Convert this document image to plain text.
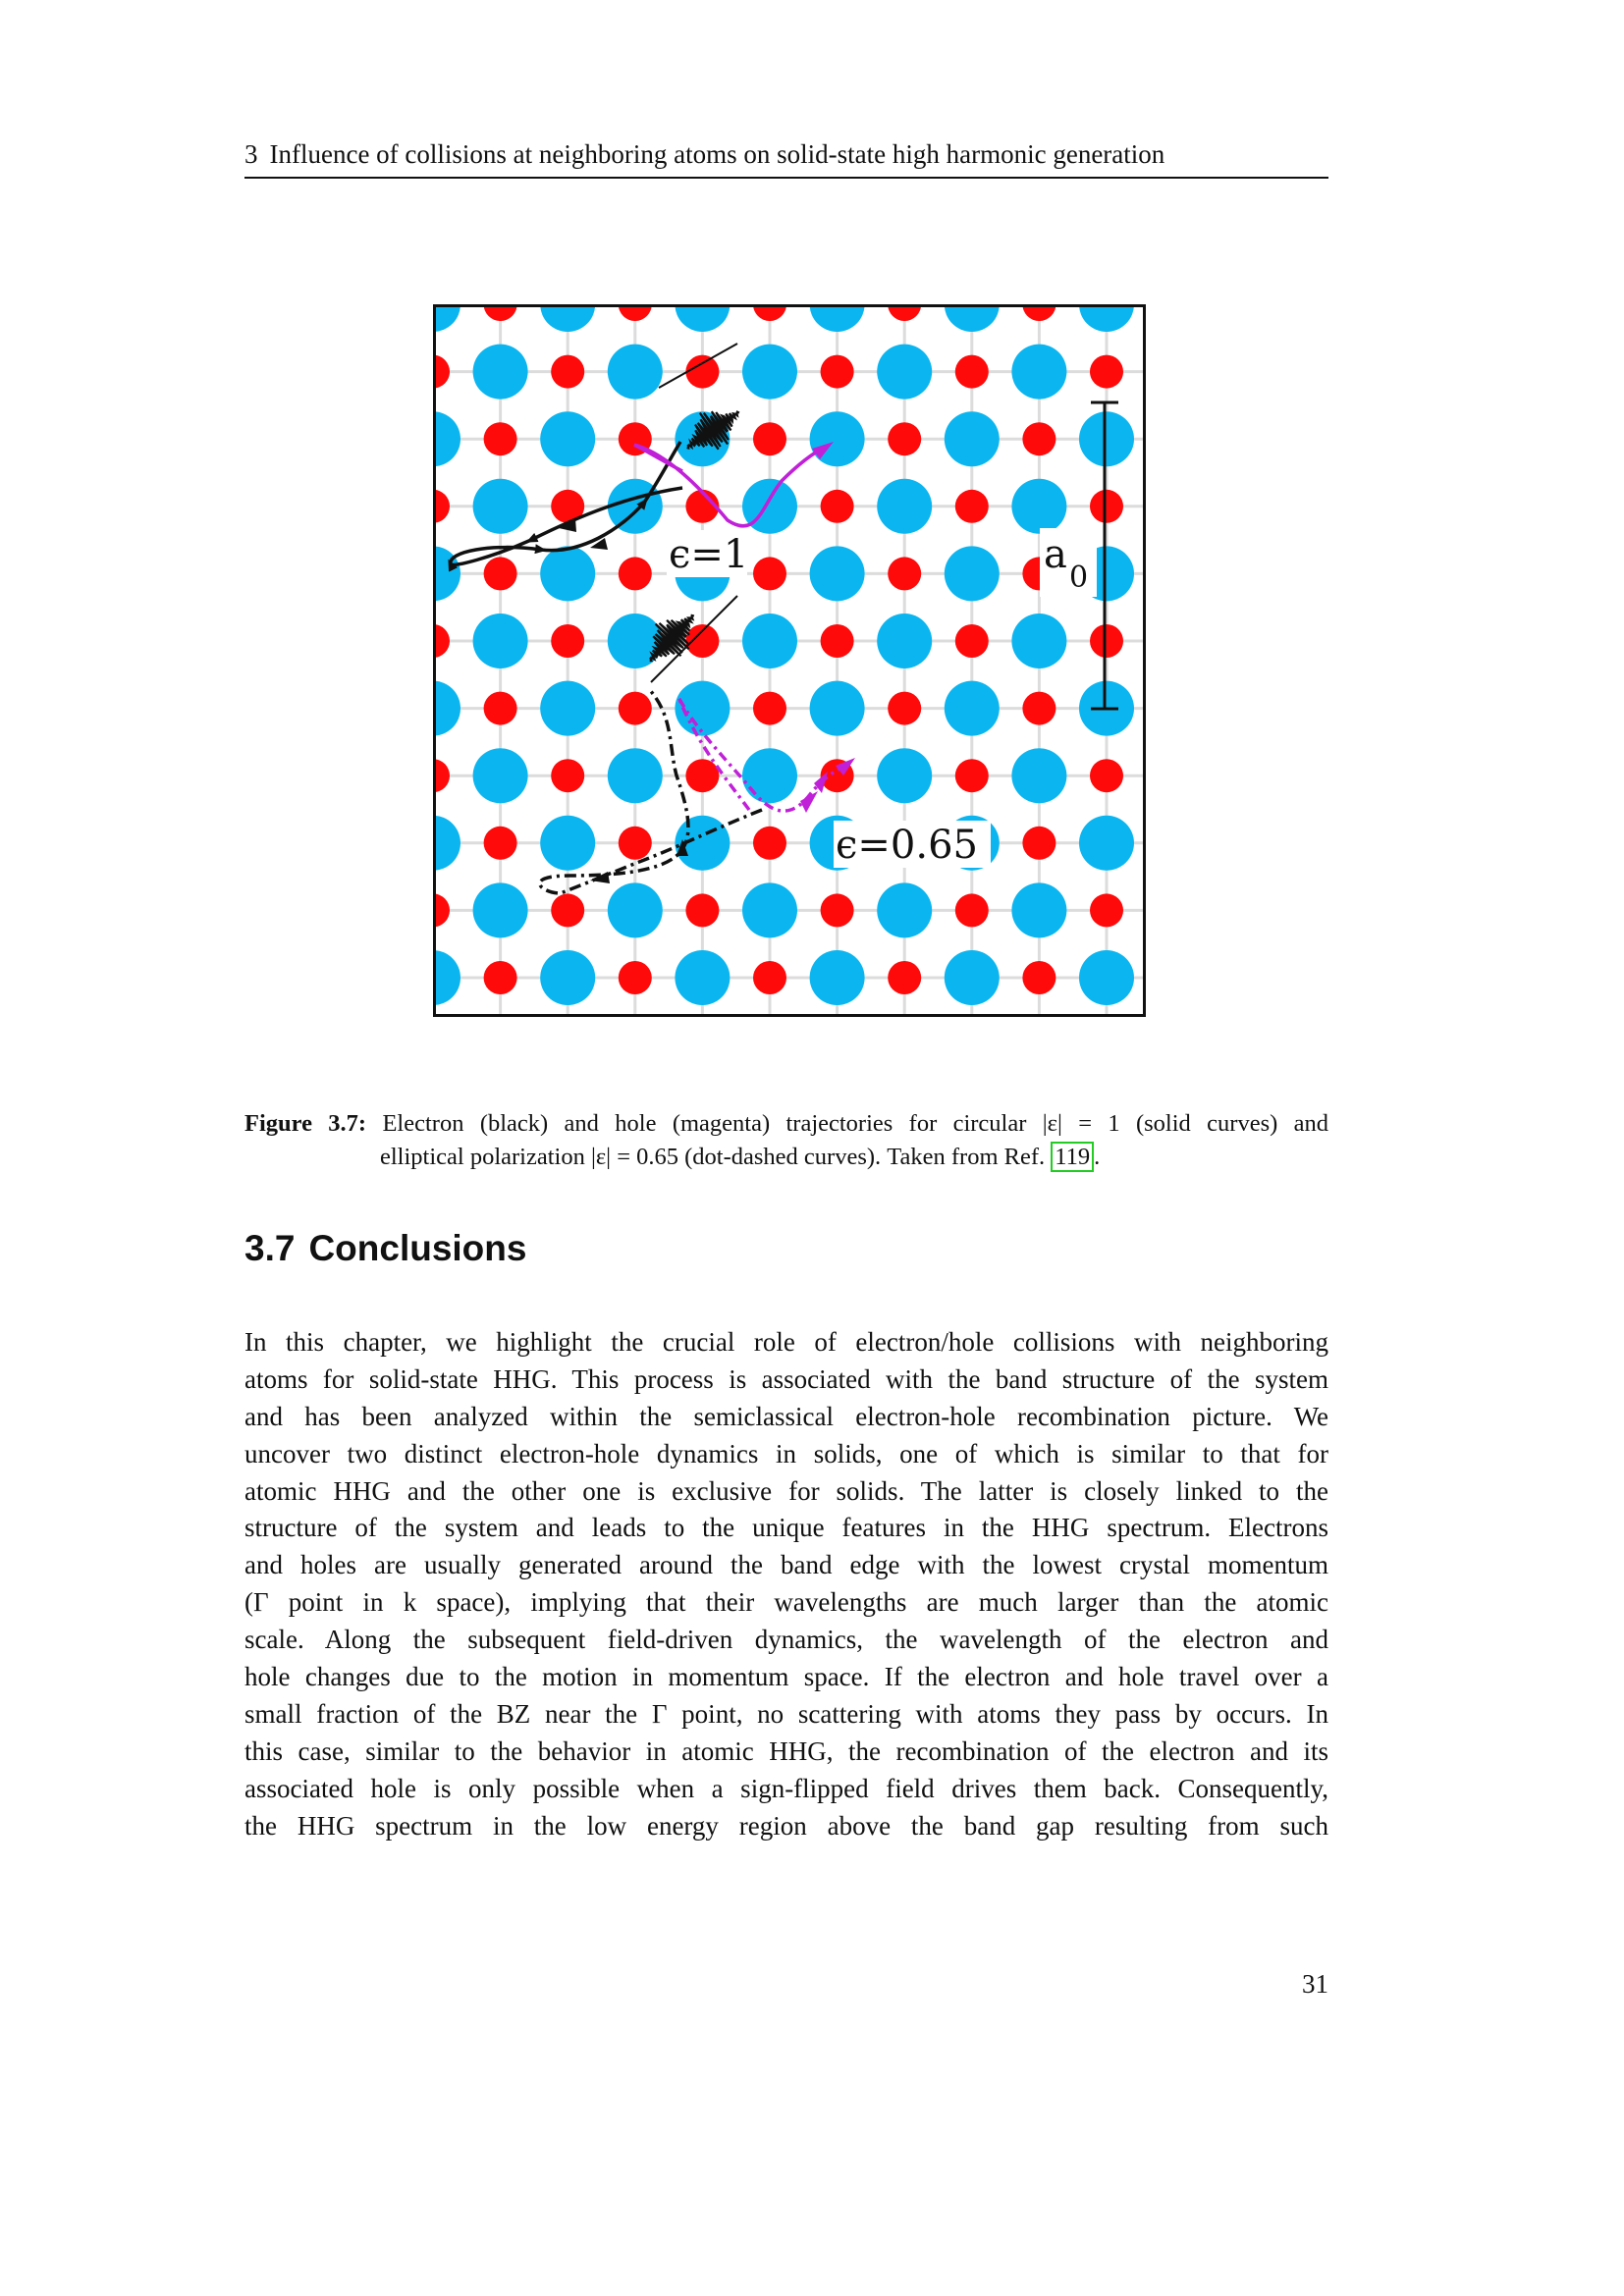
3 Influence of collisions at neighboring atoms on solid-state high harmonic generation
ϵ=1
ϵ=0.65
a
0
Figure 3.7: Electron (black) and hole (magenta) trajectories for circular |ε| = 1 (solid curves) and
elliptical polarization |ε| = 0.65 (dot-dashed curves). Taken from Ref. 119 .
3.7 Conclusions
In this chapter, we highlight the crucial role of electron/hole collisions with neighboring
atoms for solid-state HHG. This process is associated with the band structure of the system
and has been analyzed within the semiclassical electron-hole recombination picture. We
uncover two distinct electron-hole dynamics in solids, one of which is similar to that for
atomic HHG and the other one is exclusive for solids. The latter is closely linked to the
structure of the system and leads to the unique features in the HHG spectrum. Electrons
and holes are usually generated around the band edge with the lowest crystal momentum
(Γ point in k space), implying that their wavelengths are much larger than the atomic
scale. Along the subsequent field-driven dynamics, the wavelength of the electron and
hole changes due to the motion in momentum space. If the electron and hole travel over a
small fraction of the BZ near the Γ point, no scattering with atoms they pass by occurs. In
this case, similar to the behavior in atomic HHG, the recombination of the electron and its
associated hole is only possible when a sign-flipped field drives them back. Consequently,
the HHG spectrum in the low energy region above the band gap resulting from such
31
